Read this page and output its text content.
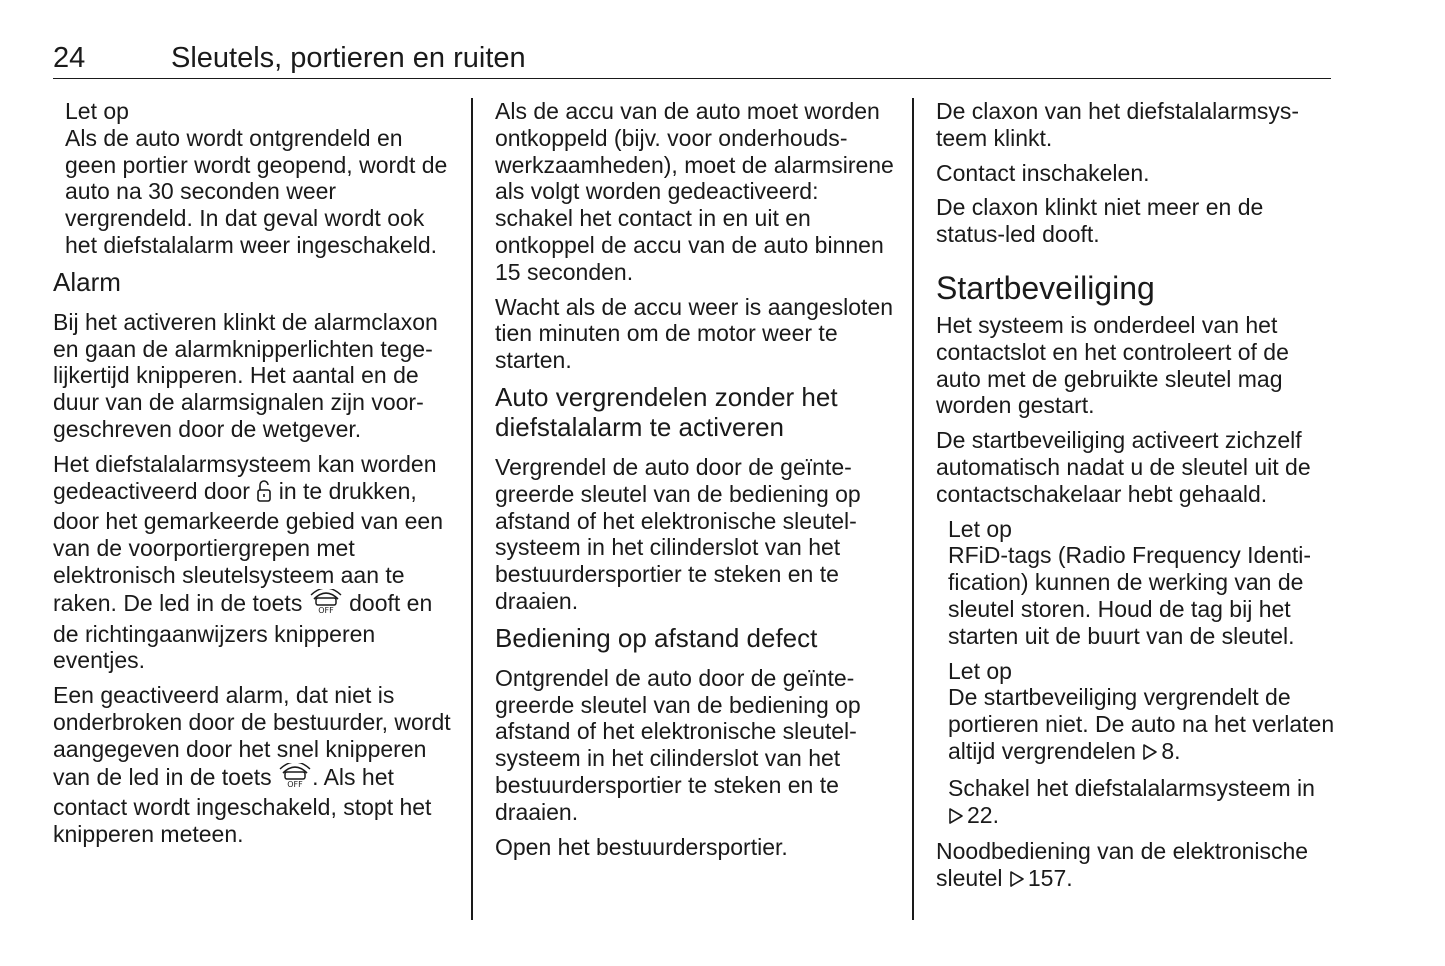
24	Sleutels, portieren en ruiten
Let op
Als de auto wordt ontgrendeld en geen portier wordt geopend, wordt de auto na 30 seconden weer vergrendeld. In dat geval wordt ook het diefstalalarm weer ingeschakeld.
Alarm

Bij het activeren klinkt de alarmclaxon en gaan de alarmknipperlichten tegelijkertijd knipperen. Het aantal en de duur van de alarmsignalen zijn voorgeschreven door de wetgever.

Het diefstalalarmsysteem kan worden gedeactiveerd door in te drukken, door het gemarkeerde gebied van een van de voorportiergrepen met elektronisch sleutelsysteem aan te raken. De led in de toets OFF dooft en de richtingaanwijzers knipperen eventjes.

Een geactiveerd alarm, dat niet is onderbroken door de bestuurder, wordt aangegeven door het snel knipperen van de led in de toets OFF . Als het contact wordt ingeschakeld, stopt het knipperen meteen.

Als de accu van de auto moet worden ontkoppeld (bijv. voor onderhoudswerkzaamheden), moet de alarmsirene als volgt worden gedeactiveerd: schakel het contact in en uit en ontkoppel de accu van de auto binnen 15 seconden.

Wacht als de accu weer is aangesloten tien minuten om de motor weer te starten.

Auto vergrendelen zonder het diefstalalarm te activeren

Vergrendel de auto door de geïntegreerde sleutel van de bediening op afstand of het elektronische sleutelsysteem in het cilinderslot van het bestuurdersportier te steken en te draaien.

Bediening op afstand defect

Ontgrendel de auto door de geïntegreerde sleutel van de bediening op afstand of het elektronische sleutelsysteem in het cilinderslot van het bestuurdersportier te steken en te draaien.

Open het bestuurdersportier.

De claxon van het diefstalalarmsysteem klinkt.

Contact inschakelen.

De claxon klinkt niet meer en de status-led dooft.

Startbeveiliging

Het systeem is onderdeel van het contactslot en het controleert of de auto met de gebruikte sleutel mag worden gestart.

De startbeveiliging activeert zichzelf automatisch nadat u de sleutel uit de contactschakelaar hebt gehaald.

Let op
RFiD-tags (Radio Frequency Identification) kunnen de werking van de sleutel storen. Houd de tag bij het starten uit de buurt van de sleutel.
Let op
De startbeveiliging vergrendelt de portieren niet. De auto na het verlaten altijd vergrendelen 8.
Schakel het diefstalalarmsysteem in
22.

Noodbediening van de elektronische sleutel 157.
